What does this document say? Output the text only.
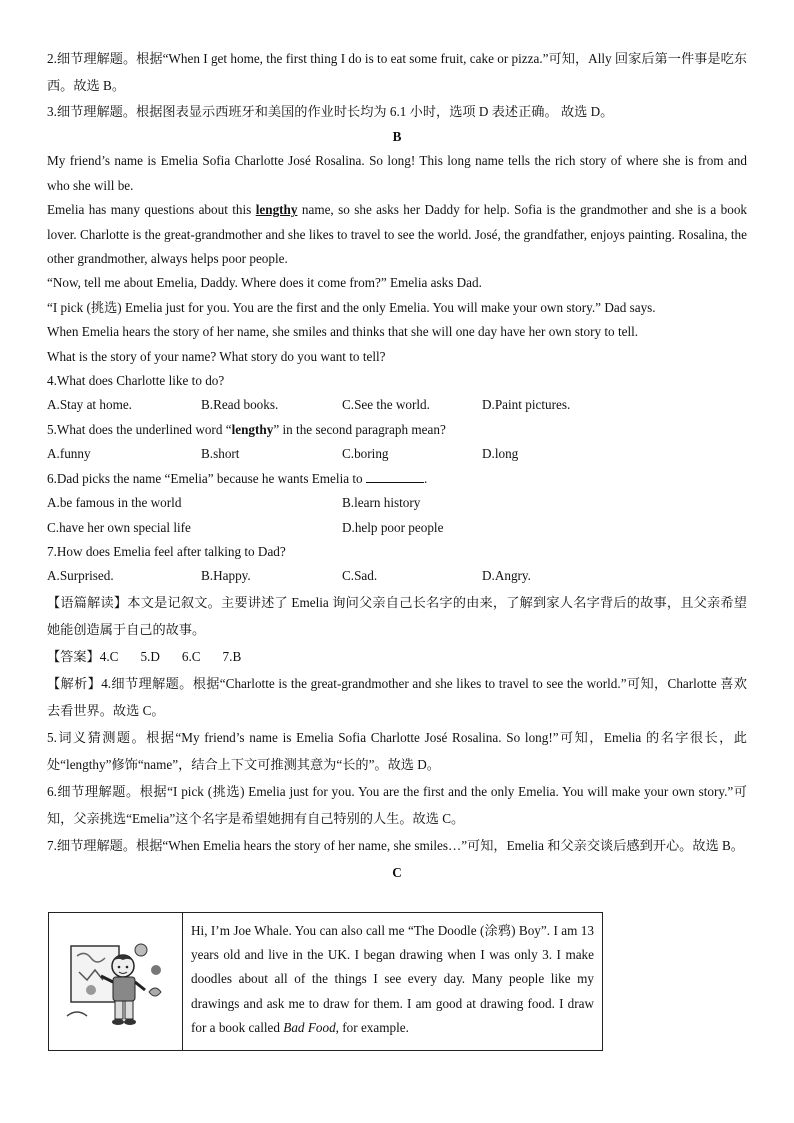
2.细节理解题。根据“When I get home, the first thing I do is to eat some fruit, cake or pizza.”可知，Ally 回家后第一件事是吃东西。故选 B。
3.细节理解题。根据图表显示西班牙和美国的作业时长均为 6.1 小时，选项 D 表述正确。 故选 D。
B
My friend’s name is Emelia Sofia Charlotte José Rosalina. So long! This long name tells the rich story of where she is from and who she will be.
Emelia has many questions about this lengthy name, so she asks her Daddy for help. Sofia is the grandmother and she is a book lover. Charlotte is the great-grandmother and she likes to travel to see the world. José, the grandfather, enjoys painting. Rosalina, the other grandmother, always helps poor people.
“Now, tell me about Emelia, Daddy. Where does it come from?” Emelia asks Dad.
“I pick (挑选) Emelia just for you. You are the first and the only Emelia. You will make your own story.” Dad says.
When Emelia hears the story of her name, she smiles and thinks that she will one day have her own story to tell.
What is the story of your name? What story do you want to tell?
4.What does Charlotte like to do?
A.Stay at home.	B.Read books.	C.See the world.	D.Paint pictures.
5.What does the underlined word “lengthy” in the second paragraph mean?
A.funny	B.short	C.boring	D.long
6.Dad picks the name “Emelia” because he wants Emelia to	.
A.be famous in the world	B.learn history
C.have her own special life	D.help poor people
7.How does Emelia feel after talking to Dad?
A.Surprised.	B.Happy.	C.Sad.	D.Angry.
【语篇解读】本文是记叙文。主要讲述了 Emelia 询问父亲自己长名字的由来，了解到家人名字背后的故事，且父亲希望她能创造属于自己的故事。
【答案】4.C 5.D 6.C 7.B
【解析】4.细节理解题。根据“Charlotte is the great-grandmother and she likes to travel to see the world.”可知，Charlotte 喜欢去看世界。故选 C。
5.词义猜测题。根据“My friend’s name is Emelia Sofia Charlotte José Rosalina. So long!”可知，Emelia 的名字很长，此处“lengthy”修饰“name”，结合上下文可推测其意为“长的”。故选 D。
6.细节理解题。根据“I pick (挑选) Emelia just for you. You are the first and the only Emelia. You will make your own story.”可知，父亲挑选“Emelia”这个名字是希望她拥有自己特别的人生。故选 C。
7.细节理解题。根据“When Emelia hears the story of her name, she smiles…”可知，Emelia 和父亲交谈后感到开心。故选 B。
C
Hi, I’m Joe Whale. You can also call me “The Doodle (涂鸦) Boy”. I am 13 years old and live in the UK. I began drawing when I was only 3. I make doodles about all of the things I see every day. Many people like my drawings and ask me to draw for them. I am good at drawing food. I draw for a book called Bad Food, for example.
